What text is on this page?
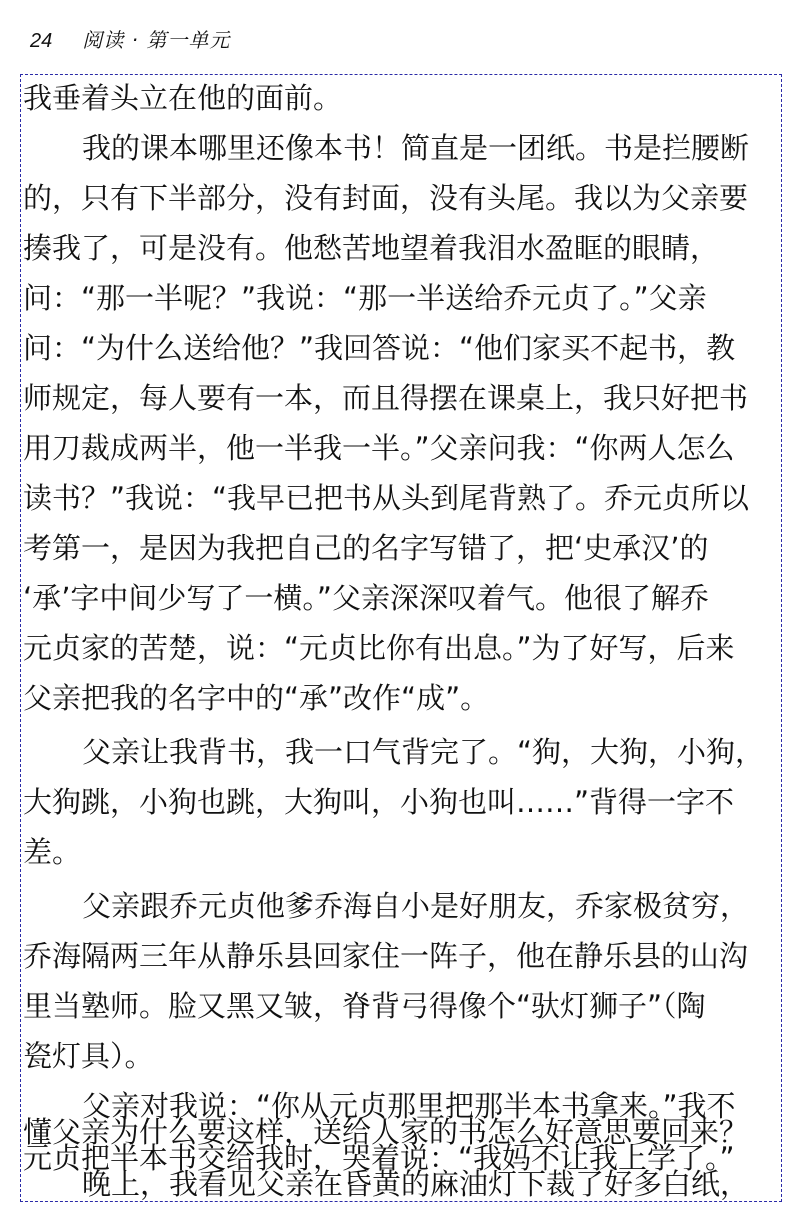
24 阅读 · 第一单元
我垂着头立在他的面前。
我的课本哪里还像本书！简直是一团纸。书是拦腰断
的，只有下半部分，没有封面，没有头尾。我以为父亲要
揍我了，可是没有。他愁苦地望着我泪水盈眶的眼睛，
问：“那一半呢？”我说：“那一半送给乔元贞了。”父亲
问：“为什么送给他？”我回答说：“他们家买不起书，教
师规定，每人要有一本，而且得摆在课桌上，我只好把书
用刀裁成两半，他一半我一半。”父亲问我：“你两人怎么
读书？”我说：“我早已把书从头到尾背熟了。乔元贞所以
考第一，是因为我把自己的名字写错了，把‘史承汉’的
‘承’字中间少写了一横。”父亲深深叹着气。他很了解乔
元贞家的苦楚，说：“元贞比你有出息。”为了好写，后来
父亲把我的名字中的“承”改作“成”。
父亲让我背书，我一口气背完了。“狗，大狗，小狗，
大狗跳，小狗也跳，大狗叫，小狗也叫……”背得一字不
差。
父亲跟乔元贞他爹乔海自小是好朋友，乔家极贫穷，
乔海隔两三年从静乐县回家住一阵子，他在静乐县的山沟
里当塾师。脸又黑又皱，脊背弓得像个“驮灯狮子”（陶
瓷灯具）。
父亲对我说：“你从元贞那里把那半本书拿来。”我不
懂父亲为什么要这样，送给人家的书怎么好意思要回来？
元贞把半本书交给我时，哭着说：“我妈不让我上学了。”
晚上，我看见父亲在昏黄的麻油灯下裁了好多白纸，
